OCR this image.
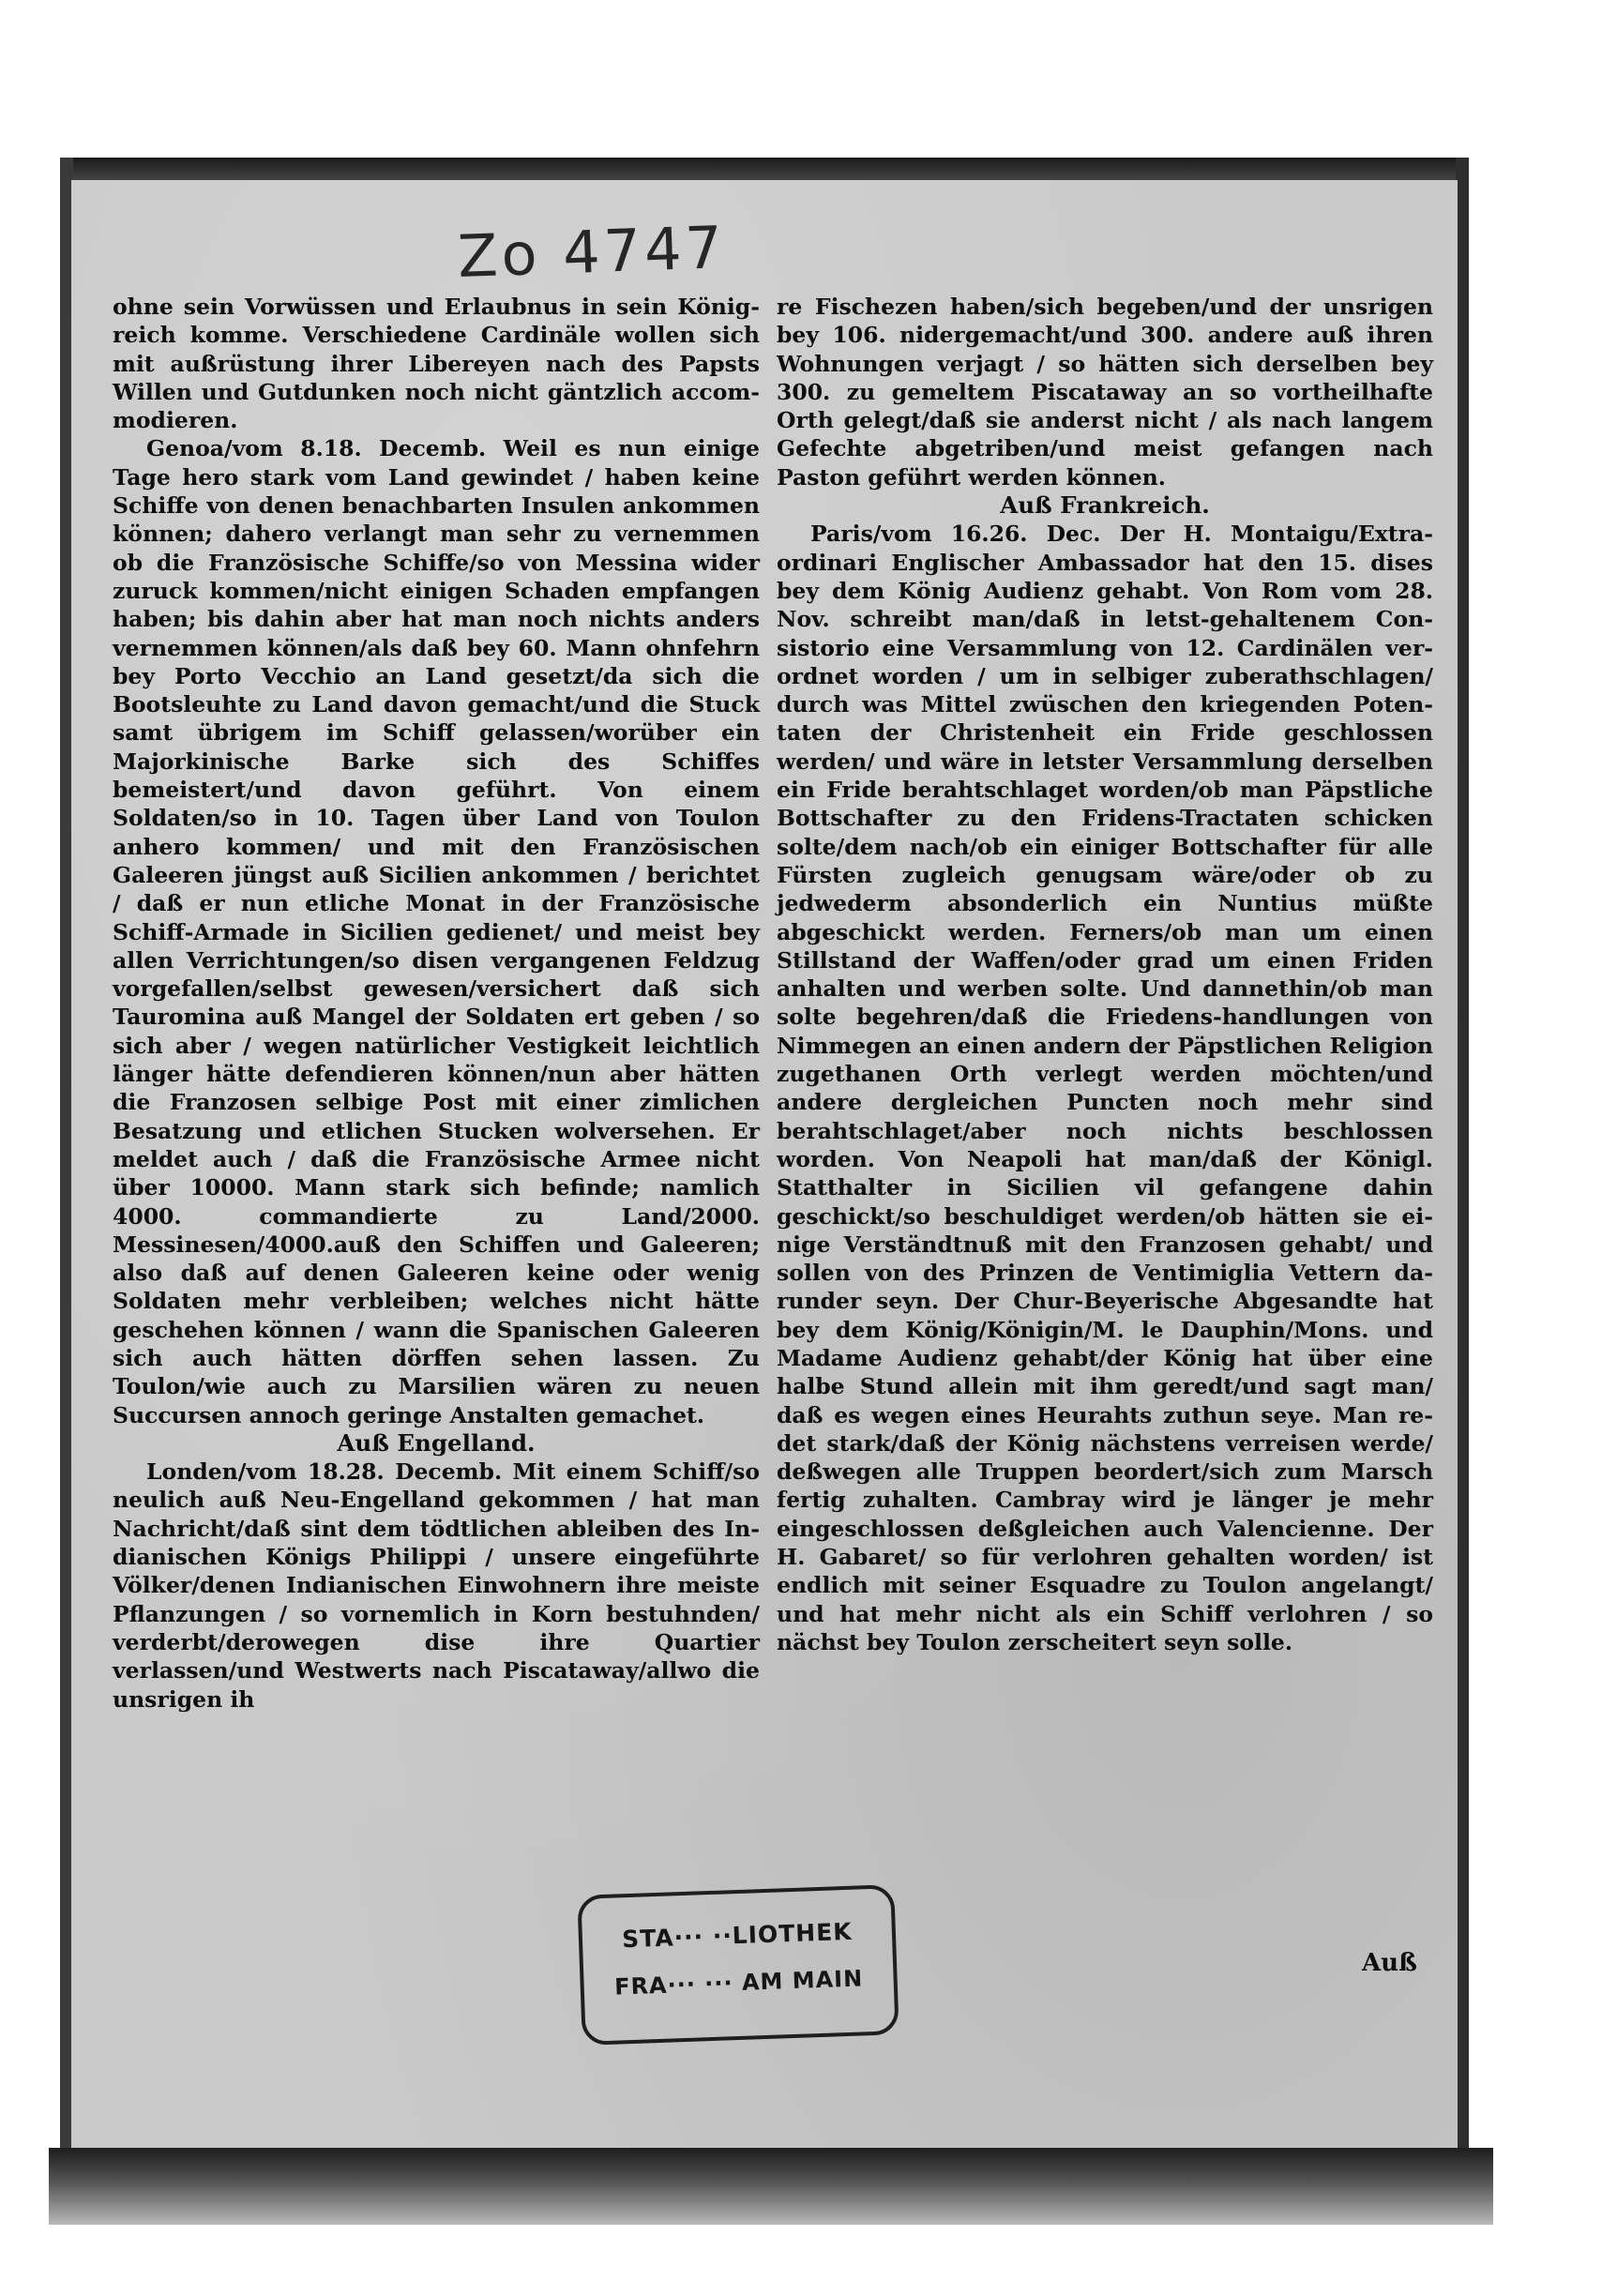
Zo 4747

ohne sein Vorwüssen und Erlaubnus in sein Königreich komme. Verschiedene Cardinäle wollen sich mit außrüstung ihrer Libereyen nach des Papsts Willen und Gutdunken noch nicht gäntzlich accommodieren.

Genoa/vom 8.18. Decemb. Weil es nun einige Tage hero stark vom Land gewindet / haben keine Schiffe von denen benachbarten Insulen ankommen können; dahero verlangt man sehr zu vernemmen ob die Französische Schiffe/so von Messina wider zuruck kommen/nicht einigen Schaden empfangen haben; bis dahin aber hat man noch nichts anders vernemmen können/als daß bey 60. Mann ohnfehrn bey Porto Vecchio an Land gesetzt/da sich die Bootsleuhte zu Land davon gemacht/und die Stuck samt übrigem im Schiff gelassen/worüber ein Majorkinische Barke sich des Schiffes bemeistert/und davon geführt. Von einem Soldaten/so in 10. Tagen über Land von Toulon anhero kommen/ und mit den Französischen Galeeren jüngst auß Sicilien ankommen / berichtet / daß er nun etliche Monat in der Französische Schiff-Armade in Sicilien gedienet/ und meist bey allen Verrichtungen/so disen vergangenen Feldzug vorgefallen/selbst gewesen/versichert daß sich Tauromina auß Mangel der Soldaten ert geben / so sich aber / wegen natürlicher Vestigkeit leichtlich länger hätte defendieren können/nun aber hätten die Franzosen selbige Post mit einer zimlichen Besatzung und etlichen Stucken wolversehen. Er meldet auch / daß die Französische Armee nicht über 10000. Mann stark sich befinde; namlich 4000. commandierte zu Land/2000. Messinesen/4000.auß den Schiffen und Galeeren; also daß auf denen Galeeren keine oder wenig Soldaten mehr verbleiben; welches nicht hätte geschehen können / wann die Spanischen Galeeren sich auch hätten dörffen sehen lassen. Zu Toulon/wie auch zu Marsilien wären zu neuen Succursen annoch geringe Anstalten gemachet.

Auß Engelland.

Londen/vom 18.28. Decemb. Mit einem Schiff/so neulich auß Neu-Engelland gekommen / hat man Nachricht/daß sint dem tödtlichen ableiben des Indianischen Königs Philippi / unsere eingeführte Völker/denen Indianischen Einwohnern ihre meiste Pflanzungen / so vornemlich in Korn bestuhnden/ verderbt/derowegen dise ihre Quartier verlassen/und Westwerts nach Piscataway/allwo die unsrigen ih

re Fischezen haben/sich begeben/und der unsrigen bey 106. nidergemacht/und 300. andere auß ihren Wohnungen verjagt / so hätten sich derselben bey 300. zu gemeltem Piscataway an so vortheilhafte Orth gelegt/daß sie anderst nicht / als nach langem Gefechte abgetriben/und meist gefangen nach Paston geführt werden können.

Auß Frankreich.

Paris/vom 16.26. Dec. Der H. Montaigu/Extra-ordinari Englischer Ambassador hat den 15. dises bey dem König Audienz gehabt. Von Rom vom 28. Nov. schreibt man/daß in letst-gehaltenem Consistorio eine Versammlung von 12. Cardinälen verordnet worden / um in selbiger zuberathschlagen/ durch was Mittel zwüschen den kriegenden Potentaten der Christenheit ein Fride geschlossen werden/ und wäre in letster Versammlung derselben ein Fride berahtschlaget worden/ob man Päpstliche Bottschafter zu den Fridens-Tractaten schicken solte/dem nach/ob ein einiger Bottschafter für alle Fürsten zugleich genugsam wäre/oder ob zu jedwederm absonderlich ein Nuntius müßte abgeschickt werden. Ferners/ob man um einen Stillstand der Waffen/oder grad um einen Friden anhalten und werben solte. Und dannethin/ob man solte begehren/daß die Friedens-handlungen von Nimmegen an einen andern der Päpstlichen Religion zugethanen Orth verlegt werden möchten/und andere dergleichen Puncten noch mehr sind berahtschlaget/aber noch nichts beschlossen worden. Von Neapoli hat man/daß der Königl. Statthalter in Sicilien vil gefangene dahin geschickt/so beschuldiget werden/ob hätten sie einige Verständtnuß mit den Franzosen gehabt/ und sollen von des Prinzen de Ventimiglia Vettern darunder seyn. Der Chur-Beyerische Abgesandte hat bey dem König/Königin/M. le Dauphin/Mons. und Madame Audienz gehabt/der König hat über eine halbe Stund allein mit ihm geredt/und sagt man/ daß es wegen eines Heurahts zuthun seye. Man redet stark/daß der König nächstens verreisen werde/ deßwegen alle Truppen beordert/sich zum Marsch fertig zuhalten. Cambray wird je länger je mehr eingeschlossen deßgleichen auch Valencienne. Der H. Gabaret/ so für verlohren gehalten worden/ ist endlich mit seiner Esquadre zu Toulon angelangt/ und hat mehr nicht als ein Schiff verlohren / so nächst bey Toulon zerscheitert seyn solle.

STA··· ··LIOTHEK
FRA··· ··· AM MAIN
Auß
